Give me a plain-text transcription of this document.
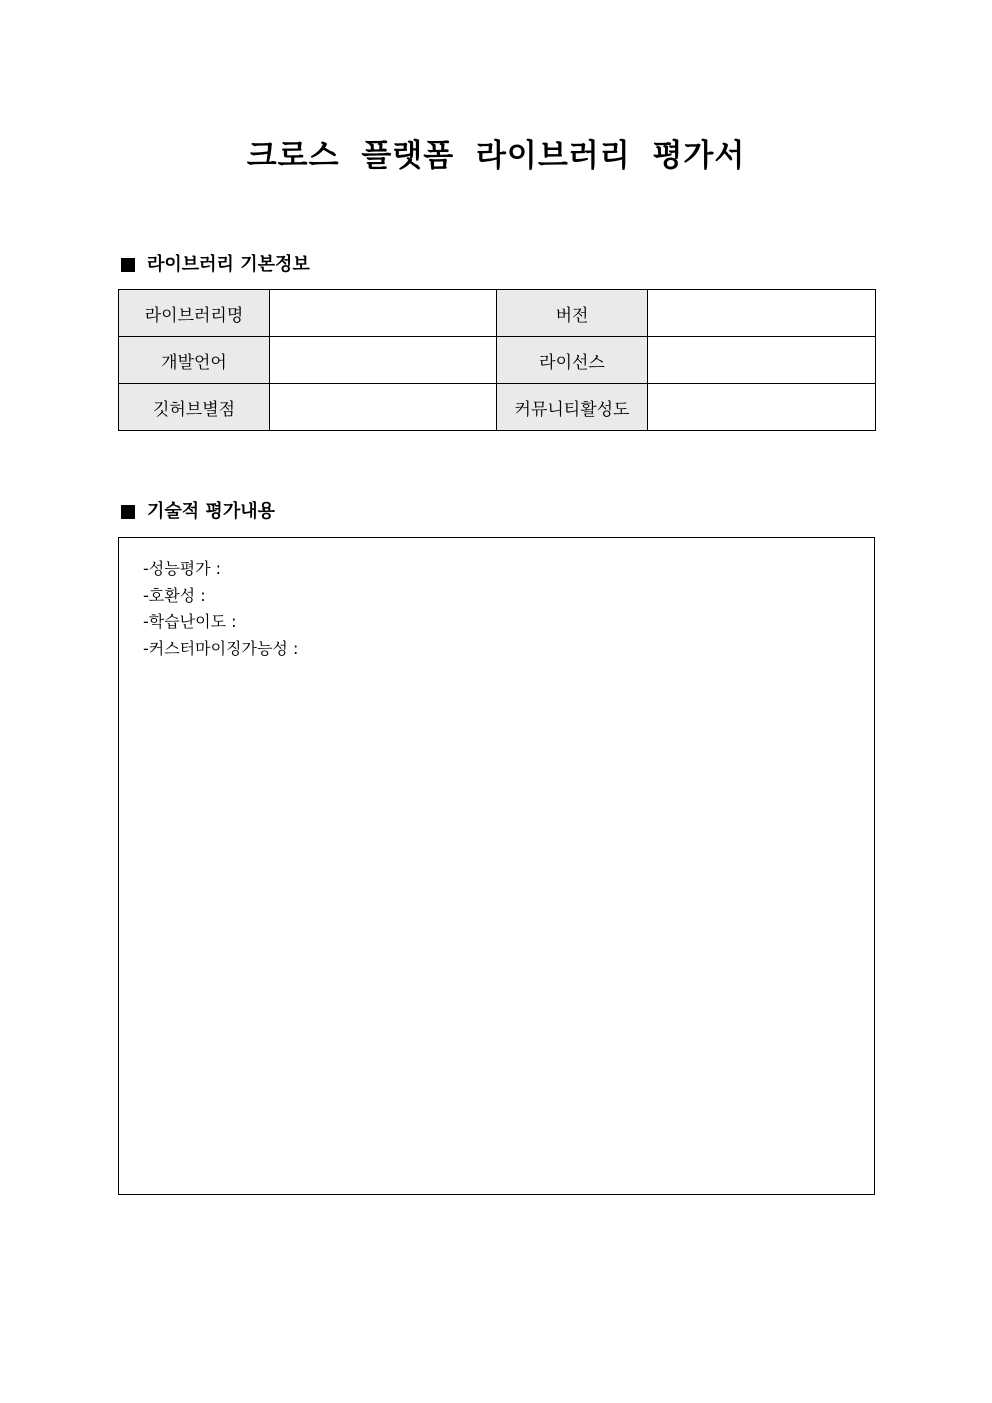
크로스 플랫폼 라이브러리 평가서
라이브러리 기본정보
라이브러리명		버전	
개발언어		라이선스	
깃허브별점		커뮤니티활성도	
기술적 평가내용
-성능평가 :
-호환성 :
-학습난이도 :
-커스터마이징가능성 :
